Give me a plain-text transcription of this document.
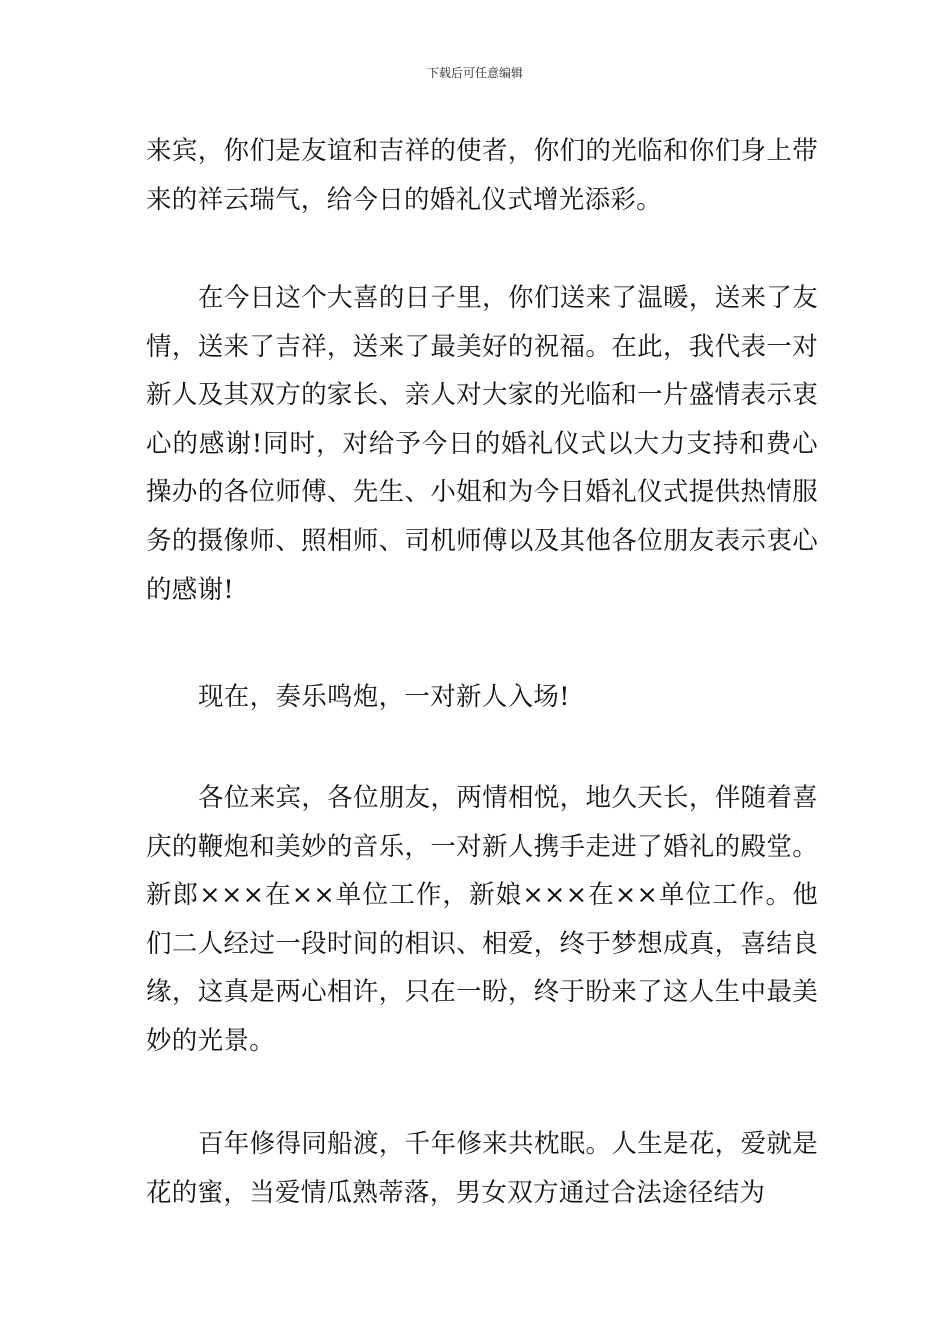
下载后可任意编辑

来宾，你们是友谊和吉祥的使者，你们的光临和你们身上带来的祥云瑞气，给今日的婚礼仪式增光添彩。

在今日这个大喜的日子里，你们送来了温暖，送来了友情，送来了吉祥，送来了最美好的祝福。在此，我代表一对新人及其双方的家长、亲人对大家的光临和一片盛情表示衷心的感谢!同时，对给予今日的婚礼仪式以大力支持和费心操办的各位师傅、先生、小姐和为今日婚礼仪式提供热情服务的摄像师、照相师、司机师傅以及其他各位朋友表示衷心的感谢!

现在，奏乐鸣炮，一对新人入场!

各位来宾，各位朋友，两情相悦，地久天长，伴随着喜庆的鞭炮和美妙的音乐，一对新人携手走进了婚礼的殿堂。新郎×××在××单位工作，新娘×××在××单位工作。他们二人经过一段时间的相识、相爱，终于梦想成真，喜结良缘，这真是两心相许，只在一盼，终于盼来了这人生中最美妙的光景。

百年修得同船渡，千年修来共枕眠。人生是花，爱就是花的蜜，当爱情瓜熟蒂落，男女双方通过合法途径结为
